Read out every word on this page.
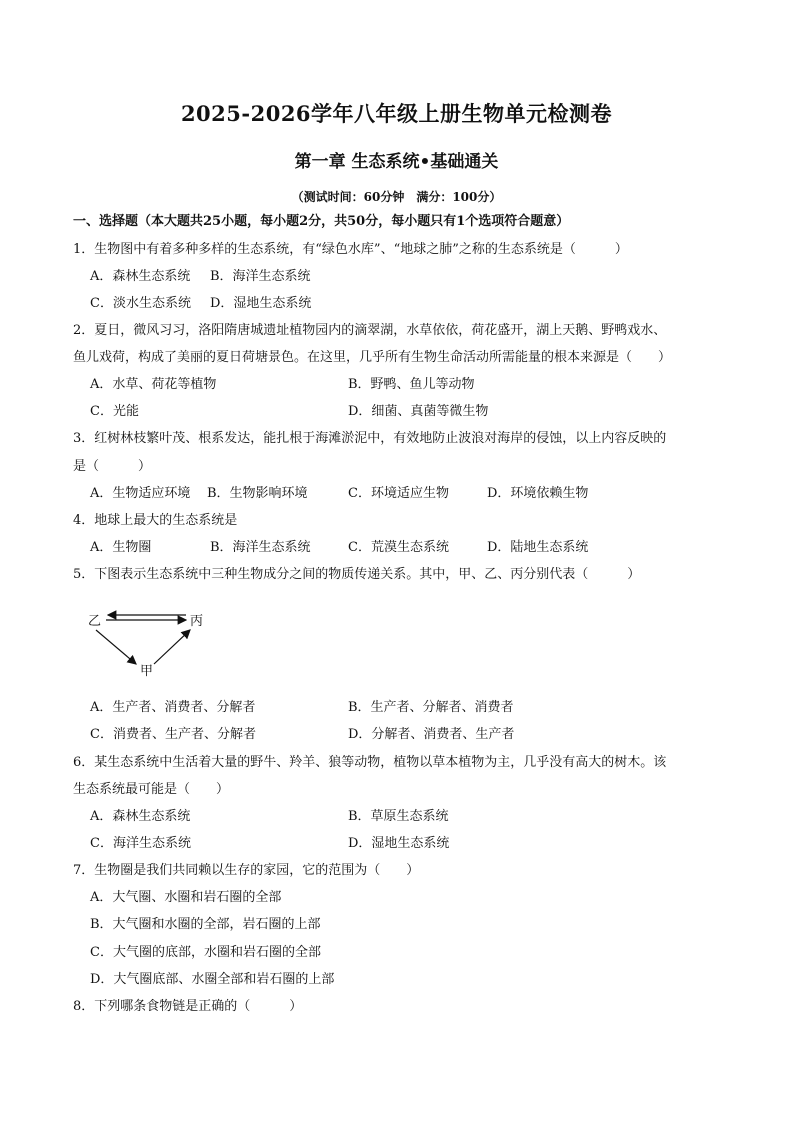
2025-2026学年八年级上册生物单元检测卷
第一章 生态系统•基础通关
（测试时间：60分钟　满分：100分）
一、选择题（本大题共25小题，每小题2分，共50分，每小题只有1个选项符合题意）
1．生物图中有着多种多样的生态系统，有“绿色水库”、“地球之肺”之称的生态系统是（　　　）
A．森林生态系统 B．海洋生态系统
C．淡水生态系统 D．湿地生态系统
2．夏日，微风习习，洛阳隋唐城遗址植物园内的滴翠湖，水草依依，荷花盛开，湖上天鹅、野鸭戏水、
鱼儿戏荷，构成了美丽的夏日荷塘景色。在这里，几乎所有生物生命活动所需能量的根本来源是（　　）
A．水草、荷花等植物	B．野鸭、鱼儿等动物
C．光能	D．细菌、真菌等微生物
3．红树林枝繁叶茂、根系发达，能扎根于海滩淤泥中，有效地防止波浪对海岸的侵蚀，以上内容反映的
是（　　　）
A．生物适应环境 B．生物影响环境	C．环境适应生物	D．环境依赖生物
4．地球上最大的生态系统是
A．生物圈	B．海洋生态系统	C．荒漠生态系统	D．陆地生态系统
5．下图表示生态系统中三种生物成分之间的物质传递关系。其中，甲、乙、丙分别代表（　　　）
乙	丙
甲
A．生产者、消费者、分解者	B．生产者、分解者、消费者
C．消费者、生产者、分解者	D．分解者、消费者、生产者
6．某生态系统中生活着大量的野牛、羚羊、狼等动物，植物以草本植物为主，几乎没有高大的树木。该
生态系统最可能是（　　）
A．森林生态系统	B．草原生态系统
C．海洋生态系统	D．湿地生态系统
7．生物圈是我们共同赖以生存的家园，它的范围为（　　）
A．大气圈、水圈和岩石圈的全部
B．大气圈和水圈的全部，岩石圈的上部
C．大气圈的底部，水圈和岩石圈的全部
D．大气圈底部、水圈全部和岩石圈的上部
8．下列哪条食物链是正确的（　　　）
